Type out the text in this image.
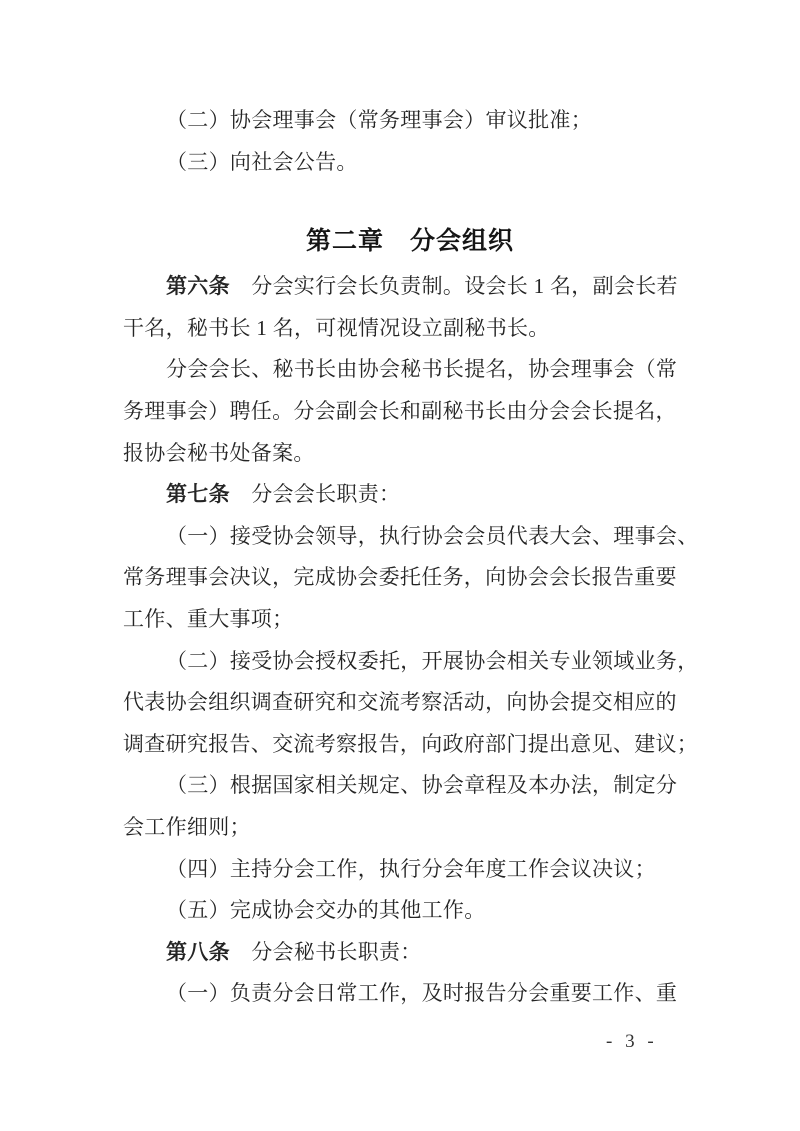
（二）协会理事会（常务理事会）审议批准；
（三）向社会公告。
第二章　分会组织
第六条　分会实行会长负责制。设会长 1 名，副会长若
干名，秘书长 1 名，可视情况设立副秘书长。
分会会长、秘书长由协会秘书长提名，协会理事会（常
务理事会）聘任。分会副会长和副秘书长由分会会长提名，
报协会秘书处备案。
第七条　分会会长职责：
（一）接受协会领导，执行协会会员代表大会、理事会、
常务理事会决议，完成协会委托任务，向协会会长报告重要
工作、重大事项；
（二）接受协会授权委托，开展协会相关专业领域业务，
代表协会组织调查研究和交流考察活动，向协会提交相应的
调查研究报告、交流考察报告，向政府部门提出意见、建议；
（三）根据国家相关规定、协会章程及本办法，制定分
会工作细则；
（四）主持分会工作，执行分会年度工作会议决议；
（五）完成协会交办的其他工作。
第八条　分会秘书长职责：
（一）负责分会日常工作，及时报告分会重要工作、重
- 3 -
